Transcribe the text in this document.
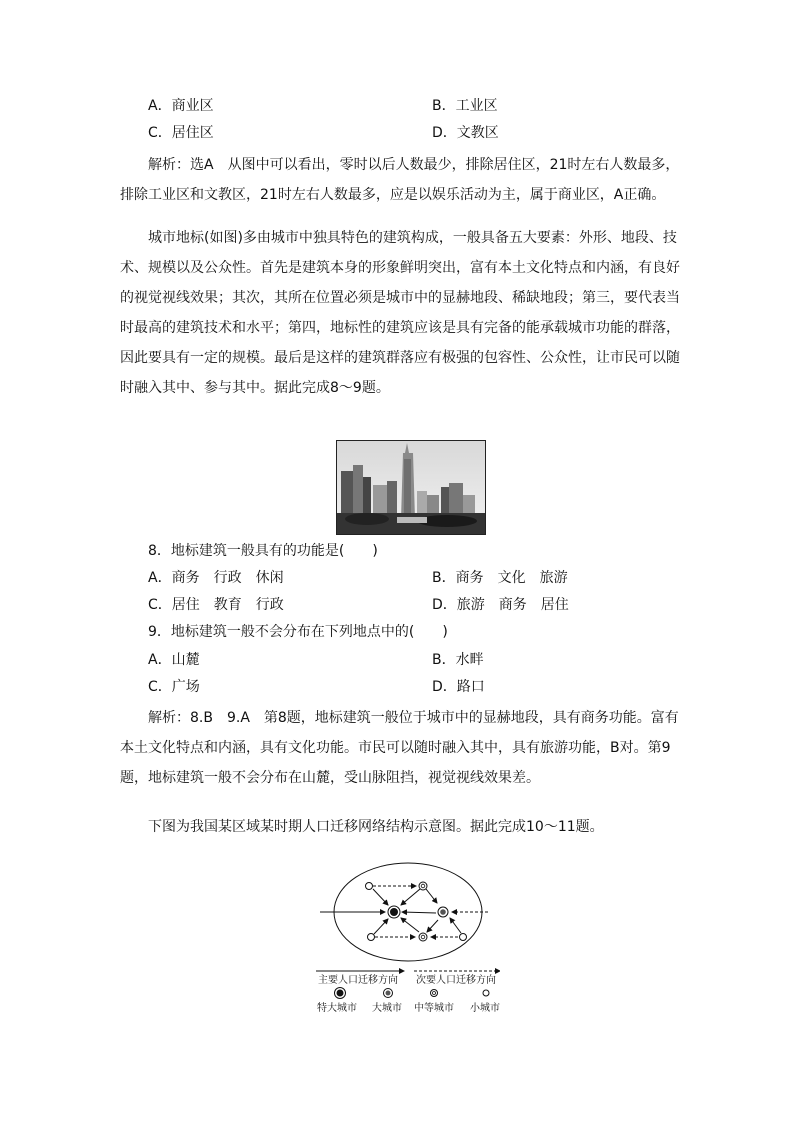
A．商业区	B．工业区
C．居住区	D．文教区
解析：选A　从图中可以看出，零时以后人数最少，排除居住区，21时左右人数最多，
排除工业区和文教区，21时左右人数最多，应是以娱乐活动为主，属于商业区，A正确。
城市地标(如图)多由城市中独具特色的建筑构成，一般具备五大要素：外形、地段、技
术、规模以及公众性。首先是建筑本身的形象鲜明突出，富有本土文化特点和内涵，有良好
的视觉视线效果；其次，其所在位置必须是城市中的显赫地段、稀缺地段；第三，要代表当
时最高的建筑技术和水平；第四，地标性的建筑应该是具有完备的能承载城市功能的群落，
因此要具有一定的规模。最后是这样的建筑群落应有极强的包容性、公众性，让市民可以随
时融入其中、参与其中。据此完成8～9题。
8．地标建筑一般具有的功能是(　　)
A．商务　行政　休闲	B．商务　文化　旅游
C．居住　教育　行政	D．旅游　商务　居住
9．地标建筑一般不会分布在下列地点中的(　　)
A．山麓	B．水畔
C．广场	D．路口
解析：8.B　9.A　第8题，地标建筑一般位于城市中的显赫地段，具有商务功能。富有
本土文化特点和内涵，具有文化功能。市民可以随时融入其中，具有旅游功能，B对。第9
题，地标建筑一般不会分布在山麓，受山脉阻挡，视觉视线效果差。
下图为我国某区域某时期人口迁移网络结构示意图。据此完成10～11题。
主要人口迁移方向 次要人口迁移方向
特大城市 大城市 中等城市 小城市
